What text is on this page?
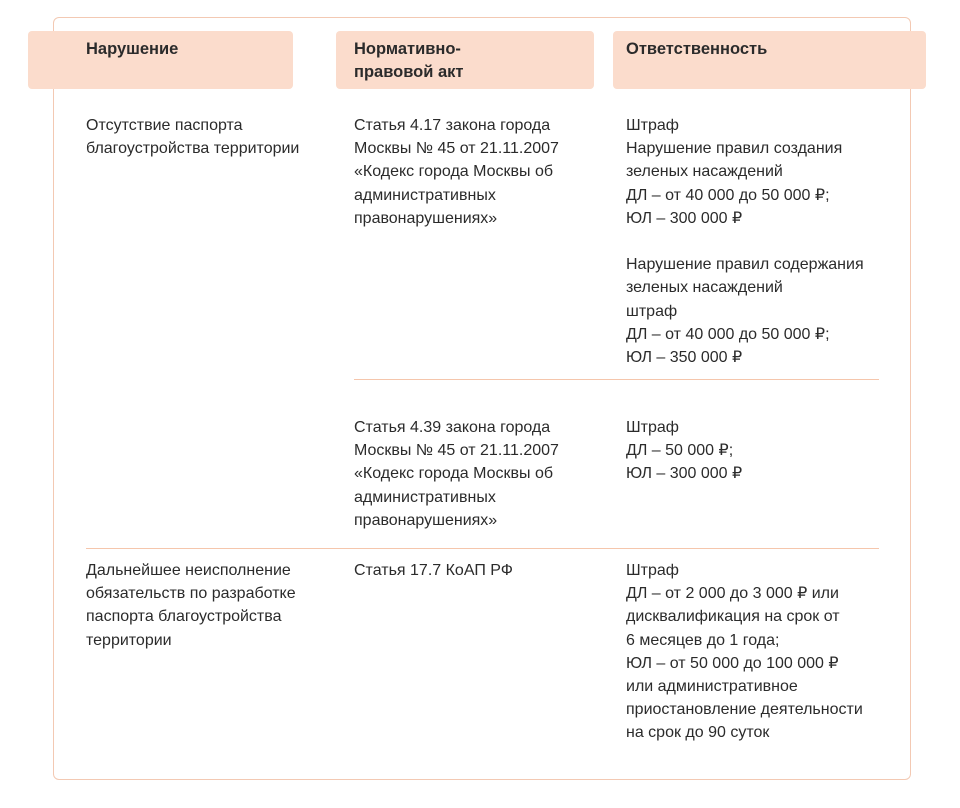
Нарушение	Нормативно-
правовой акт
Ответственность
Отсутствие паспорта
благоустройства территории
Статья 4.17 закона города
Москвы № 45 от 21.11.2007
«Кодекс города Москвы об
административных
правонарушениях»
Штраф
Нарушение правил создания
зеленых насаждений
ДЛ – от 40 000 до 50 000 ₽;
ЮЛ – 300 000 ₽
Нарушение правил содержания
зеленых насаждений
штраф
ДЛ – от 40 000 до 50 000 ₽;
ЮЛ – 350 000 ₽
Статья 4.39 закона города
Москвы № 45 от 21.11.2007
«Кодекс города Москвы об
административных
правонарушениях»
Штраф
ДЛ – 50 000 ₽;
ЮЛ – 300 000 ₽
Дальнейшее неисполнение
обязательств по разработке
паспорта благоустройства
территории
Статья 17.7 КоАП РФ	Штраф
ДЛ – от 2 000 до 3 000 ₽ или
дисквалификация на срок от
6 месяцев до 1 года;
ЮЛ – от 50 000 до 100 000 ₽
или административное
приостановление деятельности
на срок до 90 суток
